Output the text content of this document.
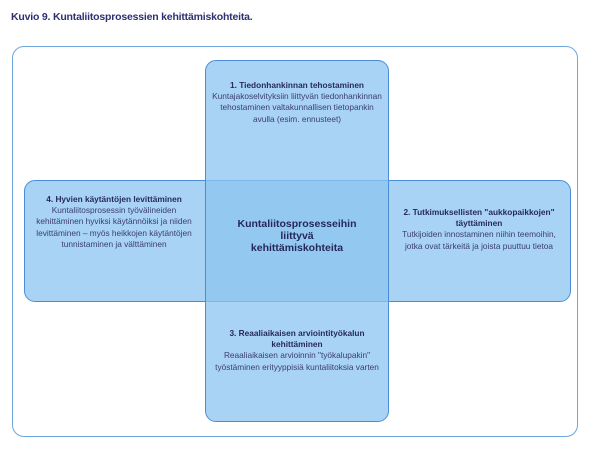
Kuvio 9. Kuntaliitosprosessien kehittämiskohteita.
1. Tiedonhankinnan tehostaminen
Kuntajakoselvityksiin liittyvän tiedonhankinnan tehostaminen valtakunnallisen tietopankin avulla (esim. ennusteet)
2. Tutkimuksellisten "aukkopaikkojen" täyttäminen
Tutkijoiden innostaminen niihin teemoihin, jotka ovat tärkeitä ja joista puuttuu tietoa
3. Reaaliaikaisen arviointityökalun kehittäminen
Reaaliaikaisen arvioinnin "työkalupakin" työstäminen erityyppisiä kuntaliitoksia varten
4. Hyvien käytäntöjen levittäminen
Kuntaliitosprosessin työvälineiden kehittäminen hyviksi käytännöiksi ja niiden levittäminen – myös heikkojen käytäntöjen tunnistaminen ja välttäminen
Kuntaliitosprosesseihin
liittyvä
kehittämiskohteita
